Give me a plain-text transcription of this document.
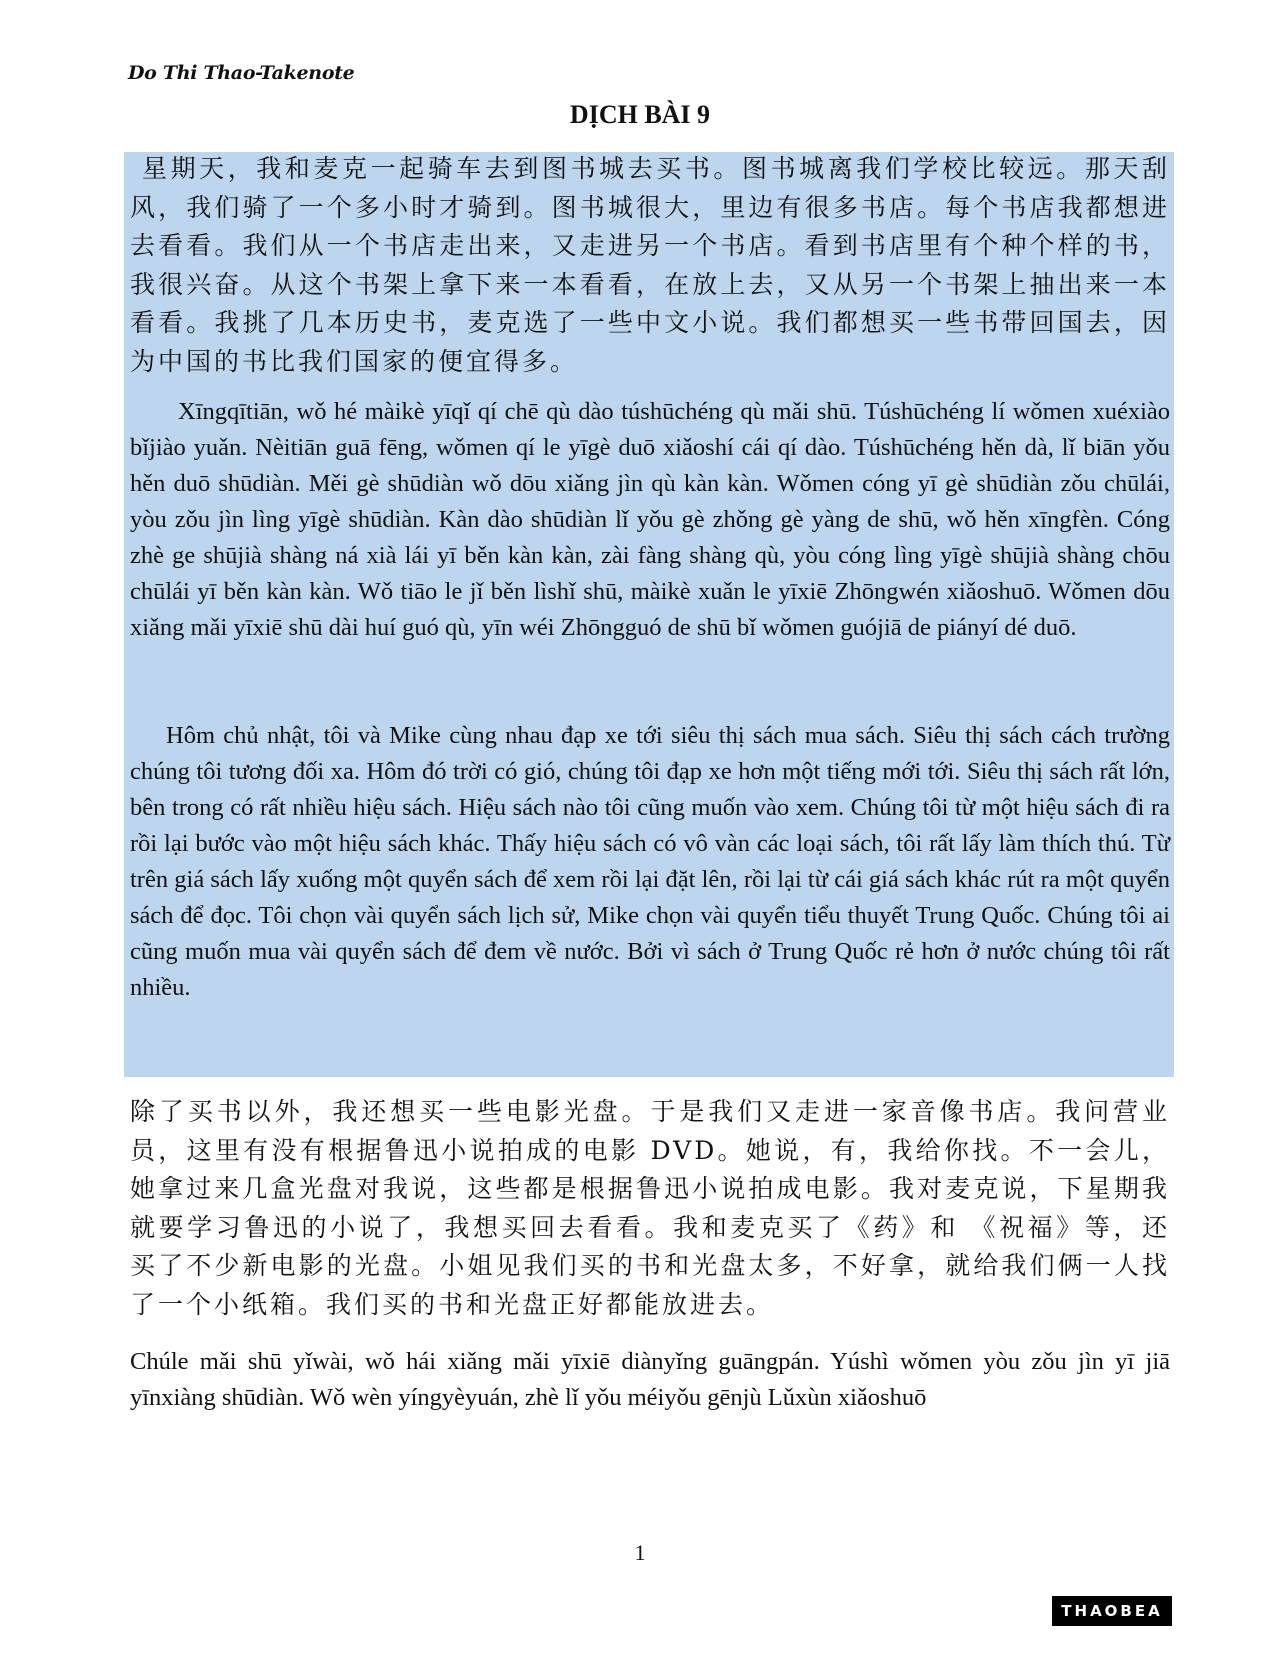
Do Thi Thao-Takenote
DỊCH BÀI 9

星期天，我和麦克一起骑车去到图书城去买书。图书城离我们学校比较远。那天刮风，我们骑了一个多小时才骑到。图书城很大，里边有很多书店。每个书店我都想进去看看。我们从一个书店走出来，又走进另一个书店。看到书店里有个种个样的书，我很兴奋。从这个书架上拿下来一本看看，在放上去，又从另一个书架上抽出来一本看看。我挑了几本历史书，麦克选了一些中文小说。我们都想买一些书带回国去，因为中国的书比我们国家的便宜得多。

Xīngqītiān, wǒ hé màikè yīqǐ qí chē qù dào túshūchéng qù mǎi shū. Túshūchéng lí wǒmen xuéxiào bǐjiào yuǎn. Nèitiān guā fēng, wǒmen qí le yīgè duō xiǎoshí cái qí dào. Túshūchéng hěn dà, lǐ biān yǒu hěn duō shūdiàn. Měi gè shūdiàn wǒ dōu xiǎng jìn qù kàn kàn. Wǒmen cóng yī gè shūdiàn zǒu chūlái, yòu zǒu jìn lìng yīgè shūdiàn. Kàn dào shūdiàn lǐ yǒu gè zhǒng gè yàng de shū, wǒ hěn xīngfèn. Cóng zhè ge shūjià shàng ná xià lái yī běn kàn kàn, zài fàng shàng qù, yòu cóng lìng yīgè shūjià shàng chōu chūlái yī běn kàn kàn. Wǒ tiāo le jǐ běn lìshǐ shū, màikè xuǎn le yīxiē Zhōngwén xiǎoshuō. Wǒmen dōu xiǎng mǎi yīxiē shū dài huí guó qù, yīn wéi Zhōngguó de shū bǐ wǒmen guójiā de piányí dé duō.

Hôm chủ nhật, tôi và Mike cùng nhau đạp xe tới siêu thị sách mua sách. Siêu thị sách cách trường chúng tôi tương đối xa. Hôm đó trời có gió, chúng tôi đạp xe hơn một tiếng mới tới. Siêu thị sách rất lớn, bên trong có rất nhiều hiệu sách. Hiệu sách nào tôi cũng muốn vào xem. Chúng tôi từ một hiệu sách đi ra rồi lại bước vào một hiệu sách khác. Thấy hiệu sách có vô vàn các loại sách, tôi rất lấy làm thích thú. Từ trên giá sách lấy xuống một quyển sách để xem rồi lại đặt lên, rồi lại từ cái giá sách khác rút ra một quyển sách để đọc. Tôi chọn vài quyển sách lịch sử, Mike chọn vài quyển tiểu thuyết Trung Quốc. Chúng tôi ai cũng muốn mua vài quyển sách để đem về nước. Bởi vì sách ở Trung Quốc rẻ hơn ở nước chúng tôi rất nhiều.

除了买书以外，我还想买一些电影光盘。于是我们又走进一家音像书店。我问营业员，这里有没有根据鲁迅小说拍成的电影 DVD。她说，有，我给你找。不一会儿，她拿过来几盒光盘对我说，这些都是根据鲁迅小说拍成电影。我对麦克说，下星期我就要学习鲁迅的小说了，我想买回去看看。我和麦克买了《药》和 《祝福》等，还买了不少新电影的光盘。小姐见我们买的书和光盘太多，不好拿，就给我们俩一人找了一个小纸箱。我们买的书和光盘正好都能放进去。

Chúle mǎi shū yǐwài, wǒ hái xiǎng mǎi yīxiē diànyǐng guāngpán. Yúshì wǒmen yòu zǒu jìn yī jiā yīnxiàng shūdiàn. Wǒ wèn yíngyèyuán, zhè lǐ yǒu méiyǒu gēnjù Lǔxùn xiǎoshuō

1
THAOBEA
